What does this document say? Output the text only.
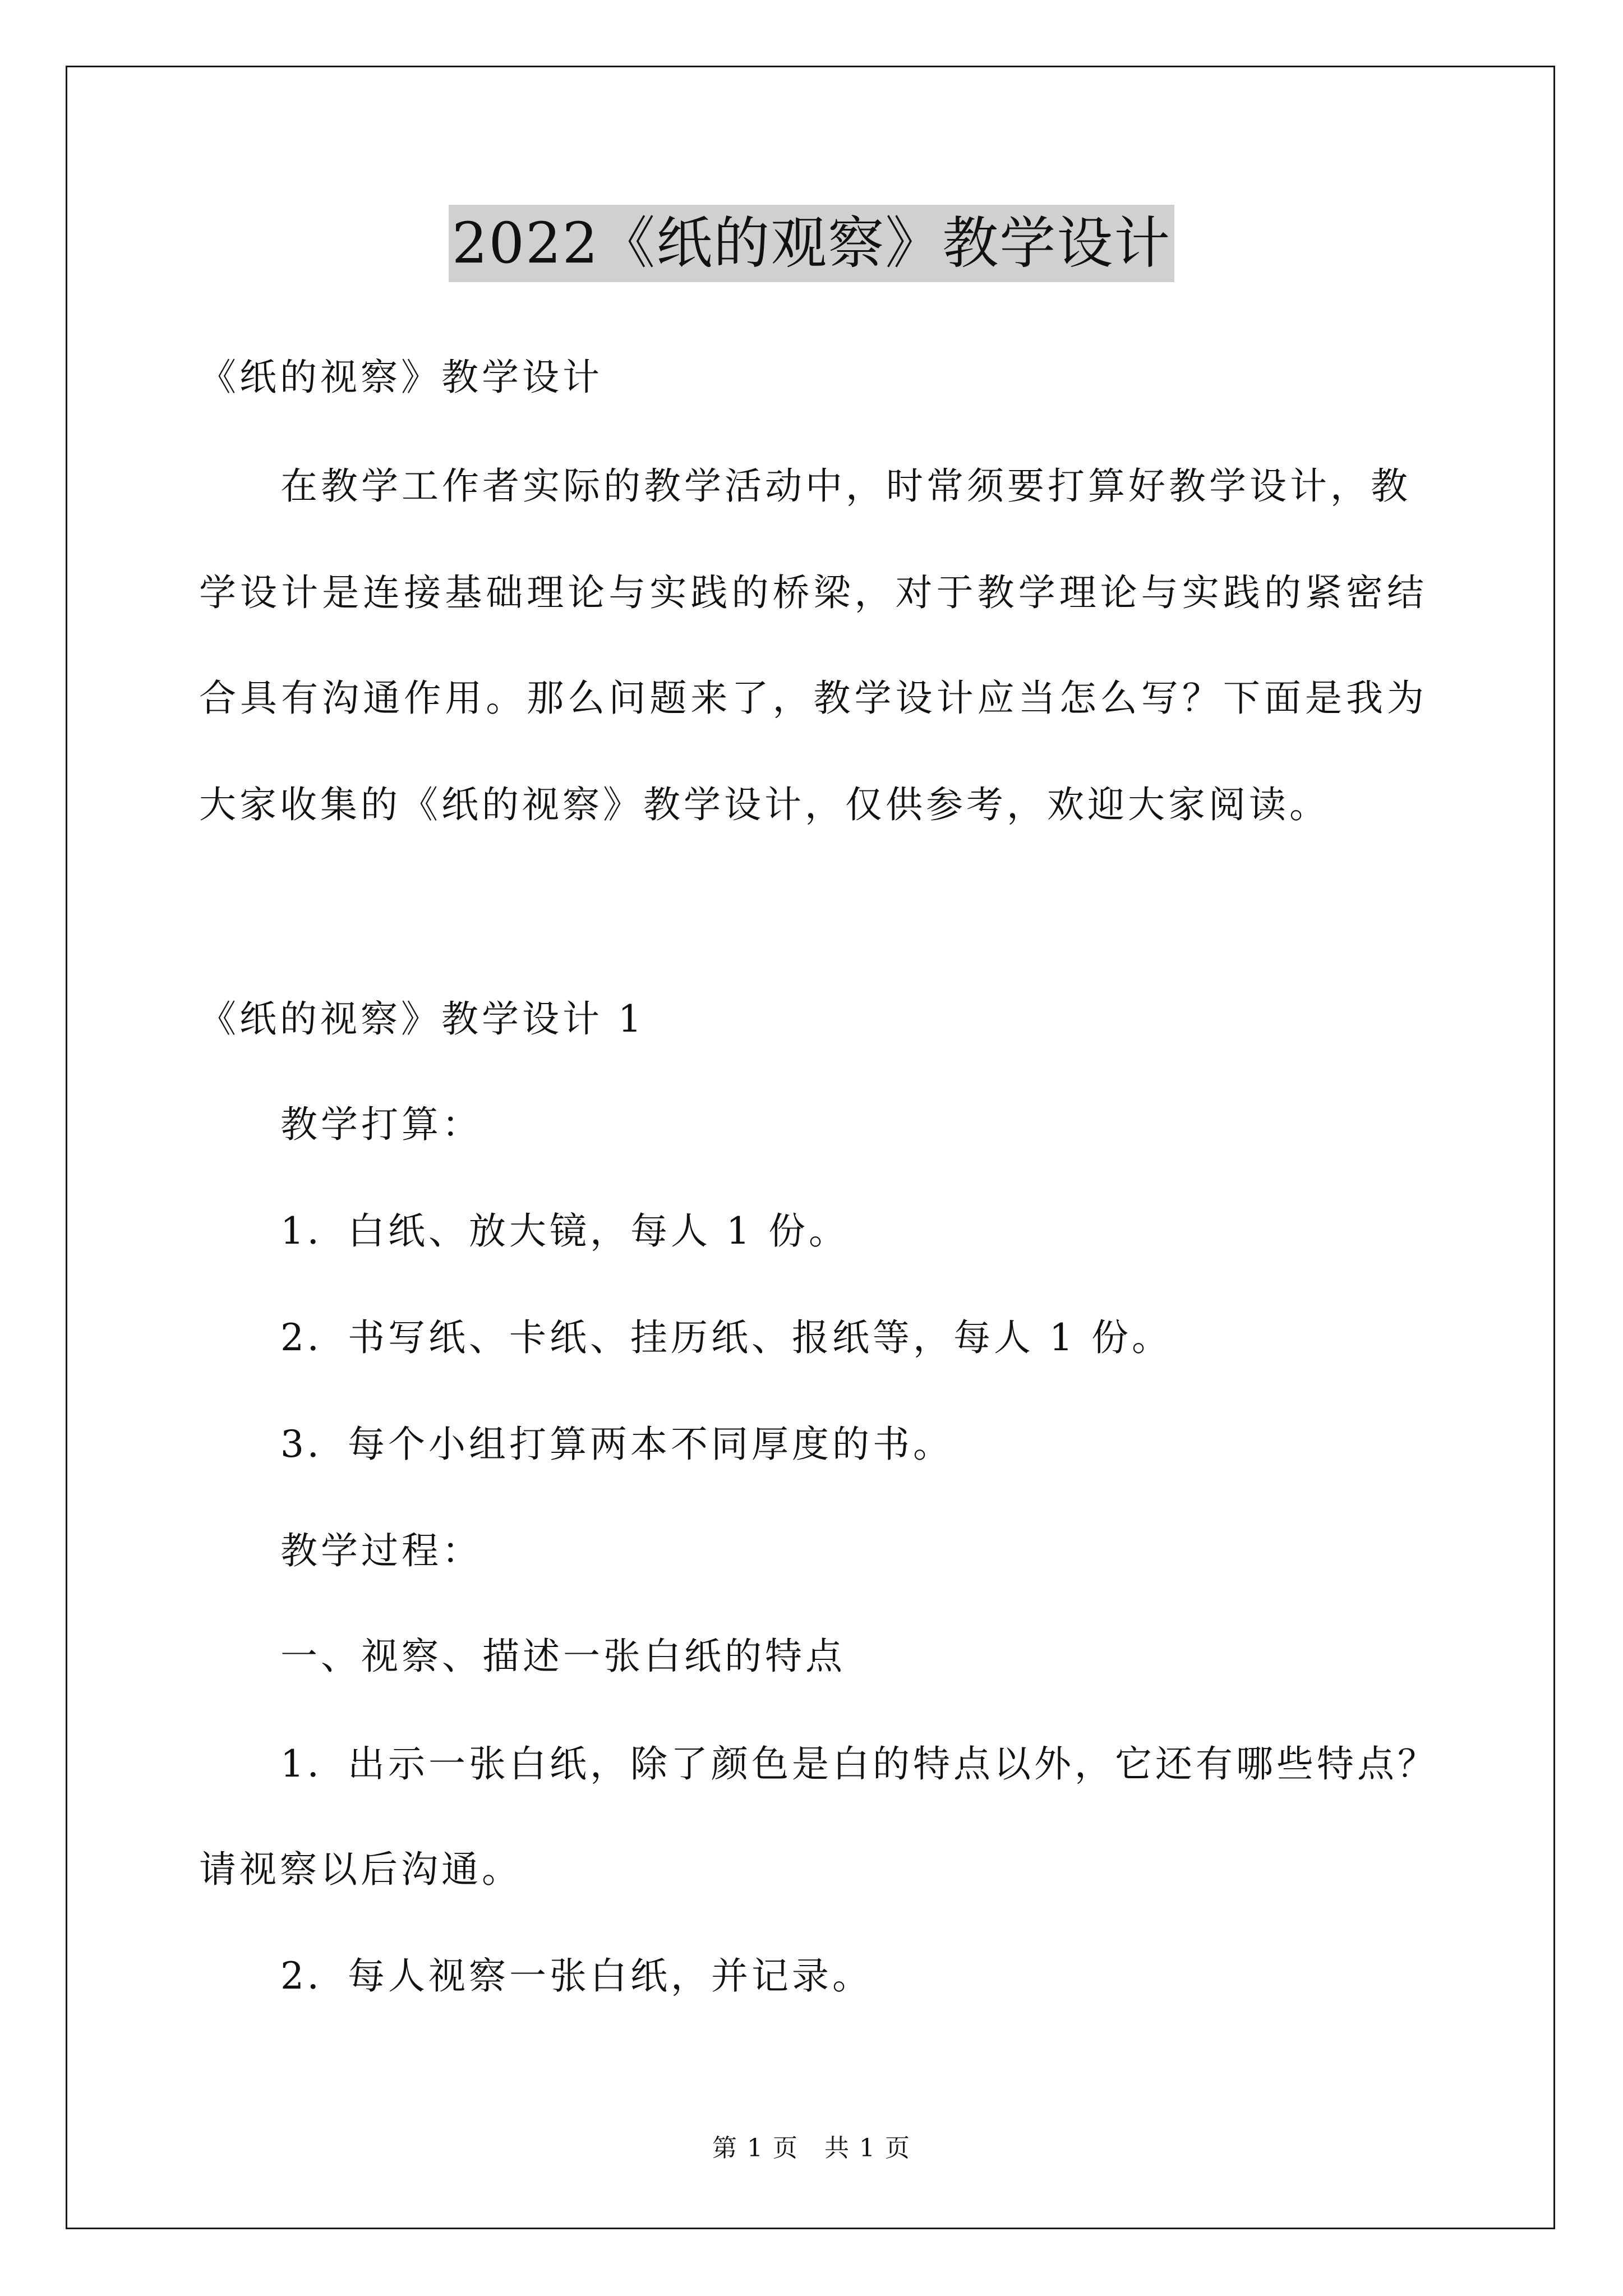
2022《纸的观察》教学设计
《纸的视察》教学设计
在教学工作者实际的教学活动中，时常须要打算好教学设计，教
学设计是连接基础理论与实践的桥梁，对于教学理论与实践的紧密结
合具有沟通作用。那么问题来了，教学设计应当怎么写？下面是我为
大家收集的《纸的视察》教学设计，仅供参考，欢迎大家阅读。
《纸的视察》教学设计 1
教学打算：
1．白纸、放大镜，每人 1 份。
2．书写纸、卡纸、挂历纸、报纸等，每人 1 份。
3．每个小组打算两本不同厚度的书。
教学过程：
一、视察、描述一张白纸的特点
1．出示一张白纸，除了颜色是白的特点以外，它还有哪些特点？
请视察以后沟通。
2．每人视察一张白纸，并记录。
第 1 页　共 1 页
